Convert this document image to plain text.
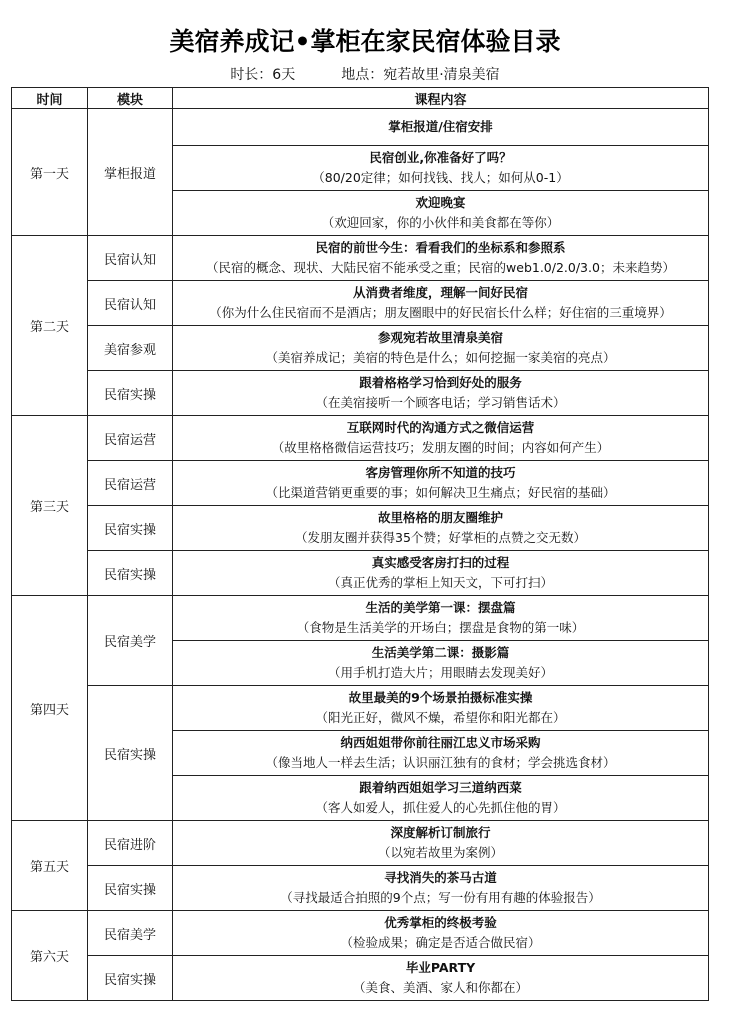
美宿养成记•掌柜在家民宿体验目录
时长：6天	地点：宛若故里·清泉美宿
时间	模块	课程内容
第一天	掌柜报道	掌柜报道/住宿安排

		民宿创业,你准备好了吗？
（80/20定律；如何找钱、找人；如何从0-1）

		欢迎晚宴
（欢迎回家，你的小伙伴和美食都在等你）

第二天	民宿认知	民宿的前世今生：看看我们的坐标系和参照系
（民宿的概念、现状、大陆民宿不能承受之重；民宿的web1.0/2.0/3.0；未来趋势）

	民宿认知	从消费者维度，理解一间好民宿
（你为什么住民宿而不是酒店；朋友圈眼中的好民宿长什么样；好住宿的三重境界）

	美宿参观	参观宛若故里清泉美宿
（美宿养成记；美宿的特色是什么；如何挖掘一家美宿的亮点）

	民宿实操	跟着格格学习恰到好处的服务
（在美宿接听一个顾客电话；学习销售话术）

第三天	民宿运营	互联网时代的沟通方式之微信运营
（故里格格微信运营技巧；发朋友圈的时间；内容如何产生）

	民宿运营	客房管理你所不知道的技巧
（比渠道营销更重要的事；如何解决卫生痛点；好民宿的基础）

	民宿实操	故里格格的朋友圈维护
（发朋友圈并获得35个赞；好掌柜的点赞之交无数）

	民宿实操	真实感受客房打扫的过程
（真正优秀的掌柜上知天文，下可打扫）

第四天	民宿美学	生活的美学第一课：摆盘篇
（食物是生活美学的开场白；摆盘是食物的第一味）

		生活美学第二课：摄影篇
（用手机打造大片；用眼睛去发现美好）

	民宿实操	故里最美的9个场景拍摄标准实操
（阳光正好，微风不燥，希望你和阳光都在）

		纳西姐姐带你前往丽江忠义市场采购
（像当地人一样去生活；认识丽江独有的食材；学会挑选食材）

		跟着纳西姐姐学习三道纳西菜
（客人如爱人，抓住爱人的心先抓住他的胃）

第五天	民宿进阶	深度解析订制旅行
（以宛若故里为案例）

	民宿实操	寻找消失的茶马古道
（寻找最适合拍照的9个点；写一份有用有趣的体验报告）

第六天	民宿美学	优秀掌柜的终极考验
（检验成果；确定是否适合做民宿）

	民宿实操	毕业PARTY
（美食、美酒、家人和你都在）
